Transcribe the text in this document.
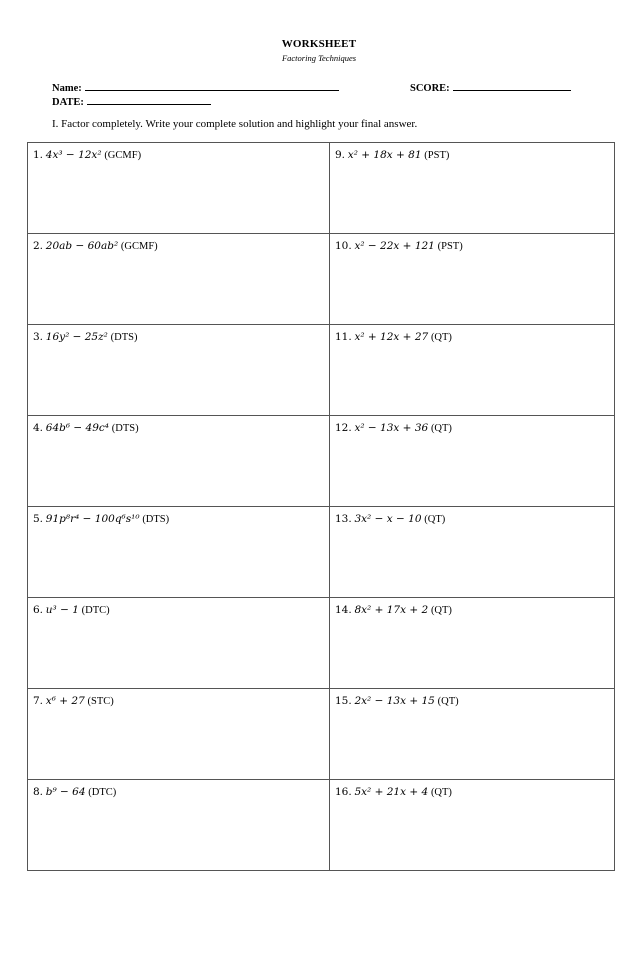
WORKSHEET
Factoring Techniques
Name:	SCORE:
DATE:
I. Factor completely. Write your complete solution and highlight your final answer.
1. 4x³ − 12x² (GCMF)	9. x² + 18x + 81 (PST)
2. 20ab − 60ab² (GCMF)	10. x² − 22x + 121 (PST)
3. 16y² − 25z² (DTS)	11. x² + 12x + 27 (QT)
4. 64b⁶ − 49c⁴ (DTS)	12. x² − 13x + 36 (QT)
5. 91p⁸r⁴ − 100q⁶s¹⁰ (DTS)	13. 3x² − x − 10 (QT)
6. u³ − 1 (DTC)	14. 8x² + 17x + 2 (QT)
7. x⁶ + 27 (STC)	15. 2x² − 13x + 15 (QT)
8. b⁹ − 64 (DTC)	16. 5x² + 21x + 4 (QT)
